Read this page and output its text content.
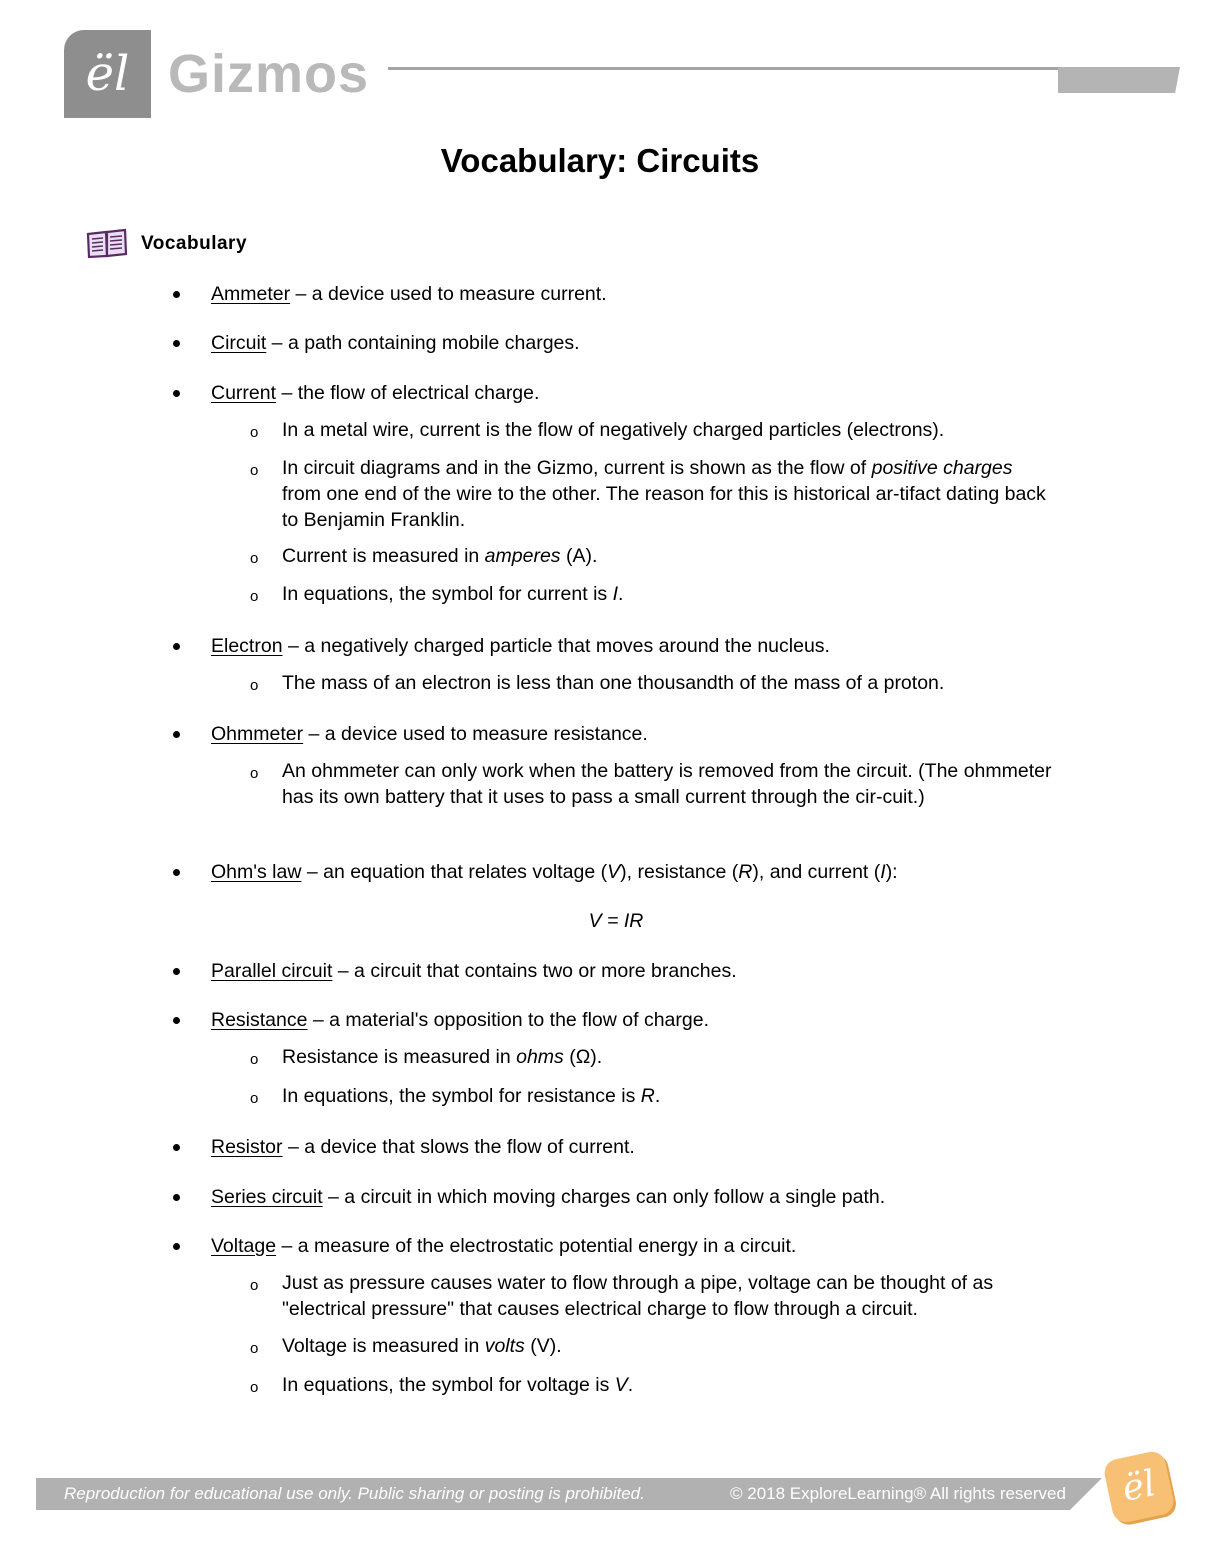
ël Gizmos
Vocabulary: Circuits
Vocabulary
Ammeter – a device used to measure current.
Circuit – a path containing mobile charges.
Current – the flow of electrical charge.
o In a metal wire, current is the flow of negatively charged particles (electrons).
o In circuit diagrams and in the Gizmo, current is shown as the flow of positive charges from one end of the wire to the other. The reason for this is historical ar-tifact dating back to Benjamin Franklin.
o Current is measured in amperes (A).
o In equations, the symbol for current is I.
Electron – a negatively charged particle that moves around the nucleus.
o The mass of an electron is less than one thousandth of the mass of a proton.
Ohmmeter – a device used to measure resistance.
o An ohmmeter can only work when the battery is removed from the circuit. (The ohmmeter has its own battery that it uses to pass a small current through the cir-cuit.)
Ohm's law – an equation that relates voltage (V), resistance (R), and current (I):
V = IR
Parallel circuit – a circuit that contains two or more branches.
Resistance – a material's opposition to the flow of charge.
o Resistance is measured in ohms (Ω).
o In equations, the symbol for resistance is R.
Resistor – a device that slows the flow of current.
Series circuit – a circuit in which moving charges can only follow a single path.
Voltage – a measure of the electrostatic potential energy in a circuit.
o Just as pressure causes water to flow through a pipe, voltage can be thought of as "electrical pressure" that causes electrical charge to flow through a circuit.
o Voltage is measured in volts (V).
o In equations, the symbol for voltage is V.
Reproduction for educational use only. Public sharing or posting is prohibited.	© 2018 ExploreLearning® All rights reserved	ël
